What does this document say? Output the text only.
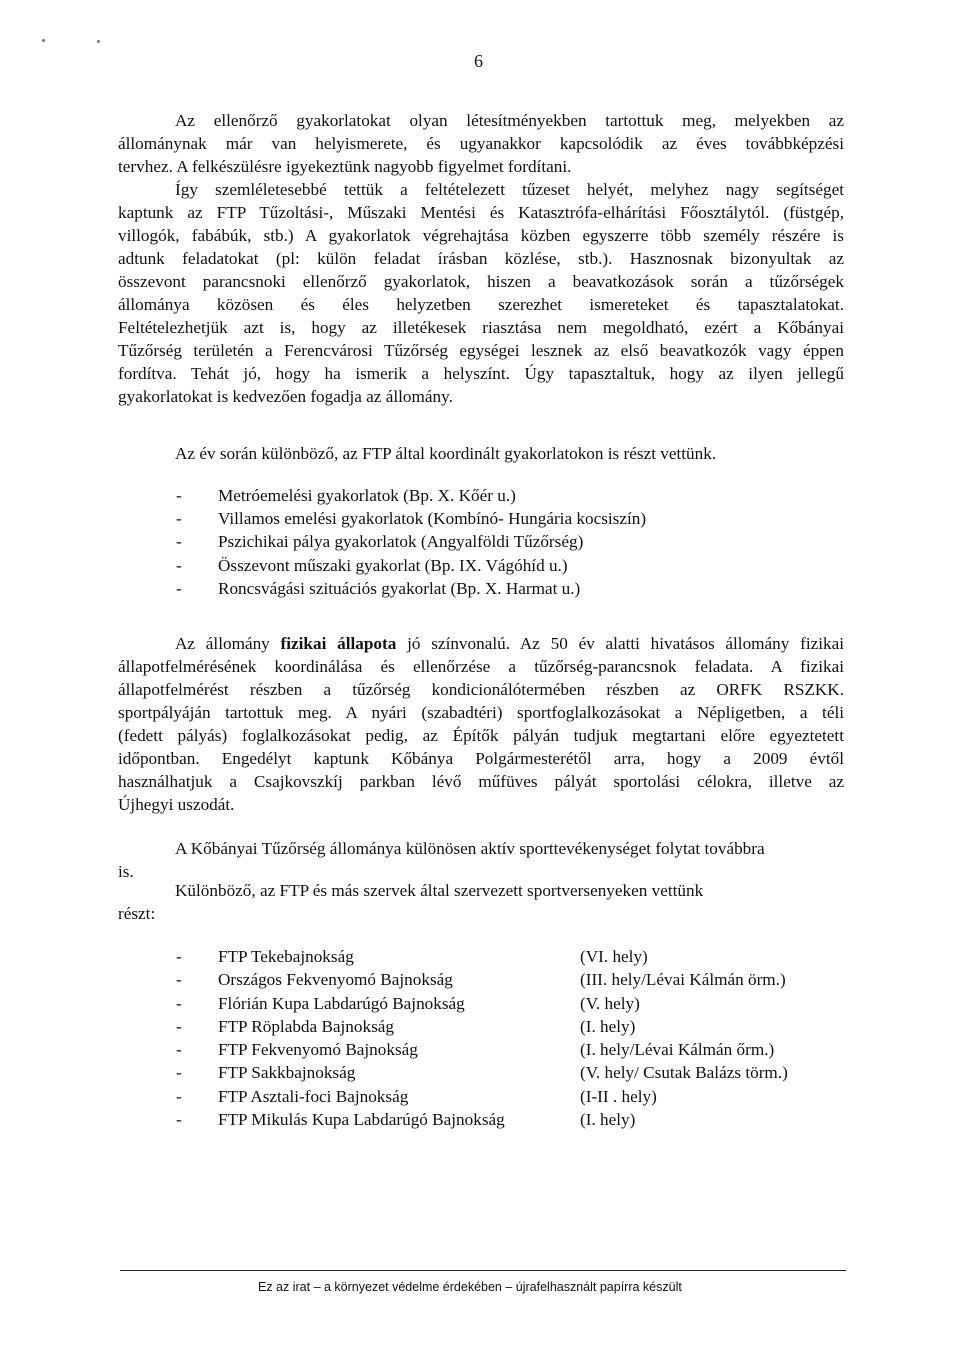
6
Az ellenőrző gyakorlatokat olyan létesítményekben tartottuk meg, melyekben az
állománynak már van helyismerete, és ugyanakkor kapcsolódik az éves továbbképzési
tervhez. A felkészülésre igyekeztünk nagyobb figyelmet fordítani.
Így szemléletesebbé tettük a feltételezett tűzeset helyét, melyhez nagy segítséget
kaptunk az FTP Tűzoltási-, Műszaki Mentési és Katasztrófa-elhárítási Főosztálytól. (füstgép,
villogók, fabábúk, stb.) A gyakorlatok végrehajtása közben egyszerre több személy részére is
adtunk feladatokat (pl: külön feladat írásban közlése, stb.). Hasznosnak bizonyultak az
összevont parancsnoki ellenőrző gyakorlatok, hiszen a beavatkozások során a tűzőrségek
állománya közösen és éles helyzetben szerezhet ismereteket és tapasztalatokat.
Feltételezhetjük azt is, hogy az illetékesek riasztása nem megoldható, ezért a Kőbányai
Tűzőrség területén a Ferencvárosi Tűzőrség egységei lesznek az első beavatkozók vagy éppen
fordítva. Tehát jó, hogy ha ismerik a helyszínt. Úgy tapasztaltuk, hogy az ilyen jellegű
gyakorlatokat is kedvezően fogadja az állomány.
Az év során különböző, az FTP által koordinált gyakorlatokon is részt vettünk.
- Metróemelési gyakorlatok (Bp. X. Kőér u.)
- Villamos emelési gyakorlatok (Kombínó- Hungária kocsiszín)
- Pszichikai pálya gyakorlatok (Angyalföldi Tűzőrség)
- Összevont műszaki gyakorlat (Bp. IX. Vágóhíd u.)
- Roncsvágási szituációs gyakorlat (Bp. X. Harmat u.)
Az állomány fizikai állapota jó színvonalú. Az 50 év alatti hivatásos állomány fizikai
állapotfelmérésének koordinálása és ellenőrzése a tűzőrség-parancsnok feladata. A fizikai
állapotfelmérést részben a tűzőrség kondicionálótermében részben az ORFK RSZKK.
sportpályáján tartottuk meg. A nyári (szabadtéri) sportfoglalkozásokat a Népligetben, a téli
(fedett pályás) foglalkozásokat pedig, az Építők pályán tudjuk megtartani előre egyeztetett
időpontban. Engedélyt kaptunk Kőbánya Polgármesterétől arra, hogy a 2009 évtől
használhatjuk a Csajkovszkíj parkban lévő műfüves pályát sportolási célokra, illetve az
Újhegyi uszodát.
A Kőbányai Tűzőrség állománya különösen aktív sporttevékenységet folytat továbbra
is.
Különböző, az FTP és más szervek által szervezett sportversenyeken vettünk
részt:
- FTP Tekebajnokság	(VI. hely)
- Országos Fekvenyomó Bajnokság	(III. hely/Lévai Kálmán örm.)
- Flórián Kupa Labdarúgó Bajnokság	(V. hely)
- FTP Röplabda Bajnokság	(I. hely)
- FTP Fekvenyomó Bajnokság	(I. hely/Lévai Kálmán őrm.)
- FTP Sakkbajnokság	(V. hely/ Csutak Balázs törm.)
- FTP Asztali-foci Bajnokság	(I-II . hely)
- FTP Mikulás Kupa Labdarúgó Bajnokság	(I. hely)
Ez az irat – a környezet védelme érdekében – újrafelhasznált papírra készült
